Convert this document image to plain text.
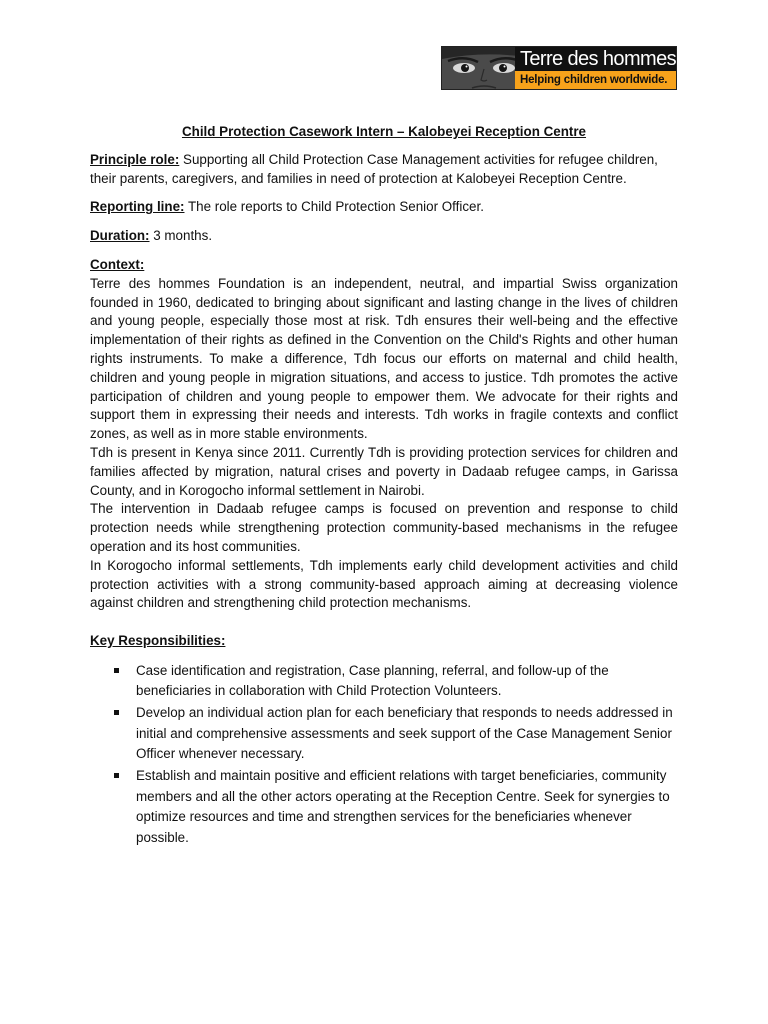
Terre des hommes
Helping children worldwide.

Child Protection Casework Intern – Kalobeyei Reception Centre

Principle role: Supporting all Child Protection Case Management activities for refugee children, their parents, caregivers, and families in need of protection at Kalobeyei Reception Centre.

Reporting line: The role reports to Child Protection Senior Officer.

Duration: 3 months.

Context:

Terre des hommes Foundation is an independent, neutral, and impartial Swiss organization founded in 1960, dedicated to bringing about significant and lasting change in the lives of children and young people, especially those most at risk. Tdh ensures their well-being and the effective implementation of their rights as defined in the Convention on the Child's Rights and other human rights instruments. To make a difference, Tdh focus our efforts on maternal and child health, children and young people in migration situations, and access to justice. Tdh promotes the active participation of children and young people to empower them. We advocate for their rights and support them in expressing their needs and interests. Tdh works in fragile contexts and conflict zones, as well as in more stable environments.

Tdh is present in Kenya since 2011. Currently Tdh is providing protection services for children and families affected by migration, natural crises and poverty in Dadaab refugee camps, in Garissa County, and in Korogocho informal settlement in Nairobi.

The intervention in Dadaab refugee camps is focused on prevention and response to child protection needs while strengthening protection community-based mechanisms in the refugee operation and its host communities.

In Korogocho informal settlements, Tdh implements early child development activities and child protection activities with a strong community-based approach aiming at decreasing violence against children and strengthening child protection mechanisms.

Key Responsibilities:

Case identification and registration, Case planning, referral, and follow-up of the beneficiaries in collaboration with Child Protection Volunteers.
Develop an individual action plan for each beneficiary that responds to needs addressed in initial and comprehensive assessments and seek support of the Case Management Senior Officer whenever necessary.
Establish and maintain positive and efficient relations with target beneficiaries, community members and all the other actors operating at the Reception Centre. Seek for synergies to optimize resources and time and strengthen services for the beneficiaries whenever possible.
